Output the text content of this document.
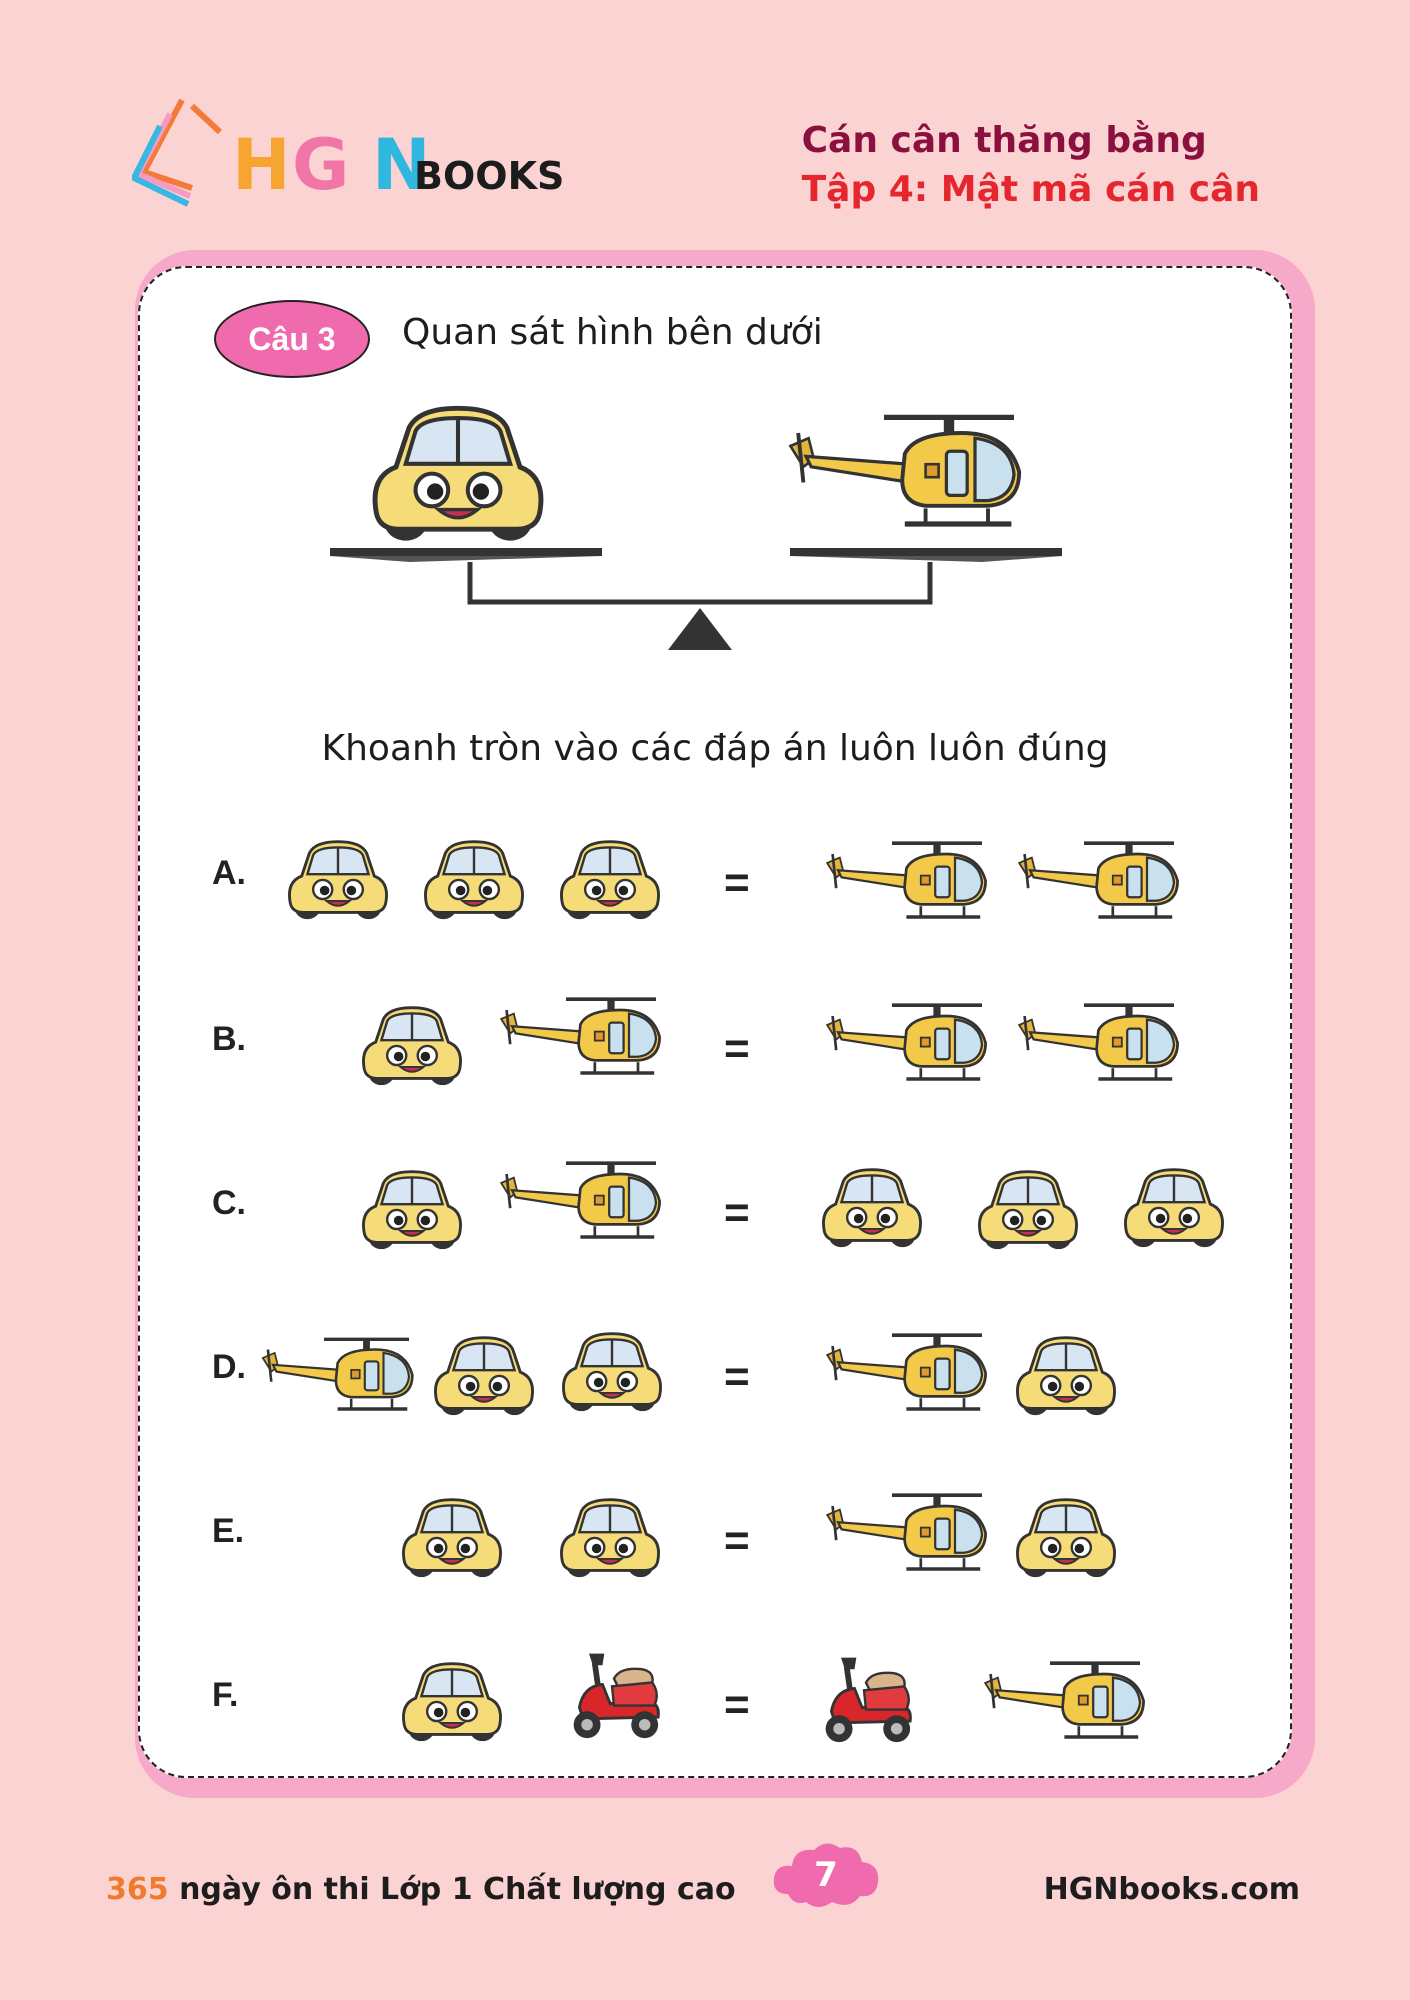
H G N
BOOKS

Cán cân thăng bằng

Tập 4: Mật mã cán cân

Câu 3	Quan sát hình bên dưới
Khoanh tròn vào các đáp án luôn luôn đúng
A.	=
B.	=
C.	=
D.	=
E.	=
F.	=
365 ngày ôn thi Lớp 1 Chất lượng cao	7	HGNbooks.com
